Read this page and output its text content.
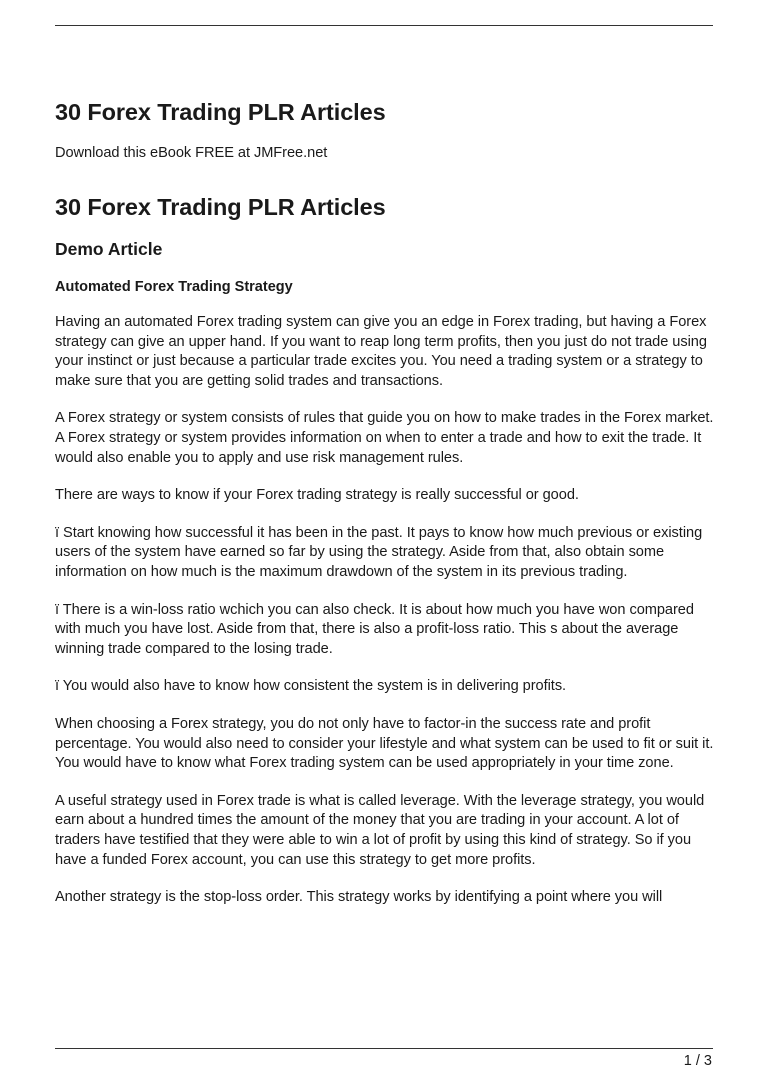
30 Forex Trading PLR Articles

Download this eBook FREE at JMFree.net

30 Forex Trading PLR Articles
Demo Article
Automated Forex Trading Strategy

Having an automated Forex trading system can give you an edge in Forex trading, but having a Forex strategy can give an upper hand. If you want to reap long term profits, then you just do not trade using your instinct or just because a particular trade excites you. You need a trading system or a strategy to make sure that you are getting solid trades and transactions.

A Forex strategy or system consists of rules that guide you on how to make trades in the Forex market. A Forex strategy or system provides information on when to enter a trade and how to exit the trade. It would also enable you to apply and use risk management rules.

There are ways to know if your Forex trading strategy is really successful or good.

ï Start knowing how successful it has been in the past. It pays to know how much previous or existing users of the system have earned so far by using the strategy. Aside from that, also obtain some information on how much is the maximum drawdown of the system in its previous trading.

ï There is a win-loss ratio wchich you can also check. It is about how much you have won compared with much you have lost. Aside from that, there is also a profit-loss ratio. This s about the average winning trade compared to the losing trade.

ï You would also have to know how consistent the system is in delivering profits.

When choosing a Forex strategy, you do not only have to factor-in the success rate and profit percentage. You would also need to consider your lifestyle and what system can be used to fit or suit it. You would have to know what Forex trading system can be used appropriately in your time zone.

A useful strategy used in Forex trade is what is called leverage. With the leverage strategy, you would earn about a hundred times the amount of the money that you are trading in your account. A lot of traders have testified that they were able to win a lot of profit by using this kind of strategy. So if you have a funded Forex account, you can use this strategy to get more profits.

Another strategy is the stop-loss order. This strategy works by identifying a point where you will

1 / 3
